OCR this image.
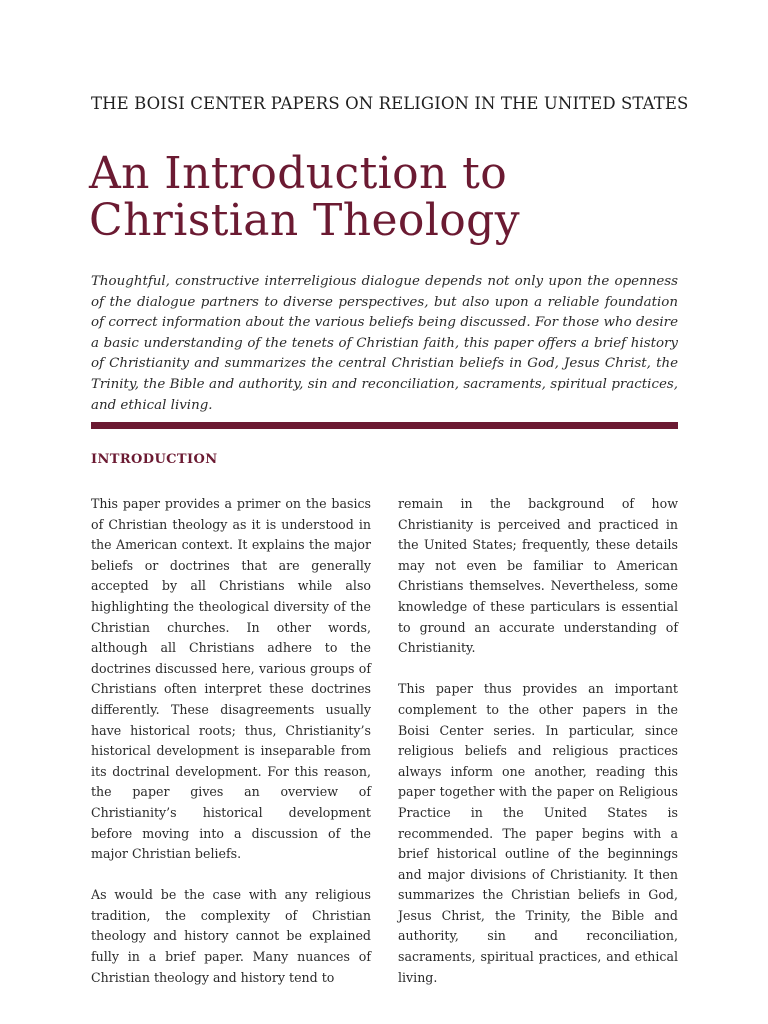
THE BOISI CENTER PAPERS ON RELIGION IN THE UNITED STATES
An Introduction to
Christian Theology
Thoughtful, constructive interreligious dialogue depends not only upon the openness of the dialogue partners to diverse perspectives, but also upon a reliable foundation of correct information about the various beliefs being discussed. For those who desire a basic understanding of the tenets of Christian faith, this paper offers a brief history of Christianity and summarizes the central Christian beliefs in God, Jesus Christ, the Trinity, the Bible and authority, sin and reconciliation, sacraments, spiritual practices, and ethical living.
INTRODUCTION

This paper provides a primer on the basics of Christian theology as it is understood in the American context. It explains the major beliefs or doctrines that are generally accepted by all Christians while also highlighting the theological diversity of the Christian churches. In other words, although all Christians adhere to the doctrines discussed here, various groups of Christians often interpret these doctrines differently. These disagreements usually have historical roots; thus, Christianity’s historical development is inseparable from its doctrinal development. For this reason, the paper gives an overview of Christianity’s historical development before moving into a discussion of the major Christian beliefs.

As would be the case with any religious tradition, the complexity of Christian theology and history cannot be explained fully in a brief paper. Many nuances of Christian theology and history tend to

remain in the background of how Christianity is perceived and practiced in the United States; frequently, these details may not even be familiar to American Christians themselves. Nevertheless, some knowledge of these particulars is essential to ground an accurate understanding of Christianity.

This paper thus provides an important complement to the other papers in the Boisi Center series. In particular, since religious beliefs and religious practices always inform one another, reading this paper together with the paper on Religious Practice in the United States is recommended. The paper begins with a brief historical outline of the beginnings and major divisions of Christianity. It then summarizes the Christian beliefs in God, Jesus Christ, the Trinity, the Bible and authority, sin and reconciliation, sacraments, spiritual practices, and ethical living.
